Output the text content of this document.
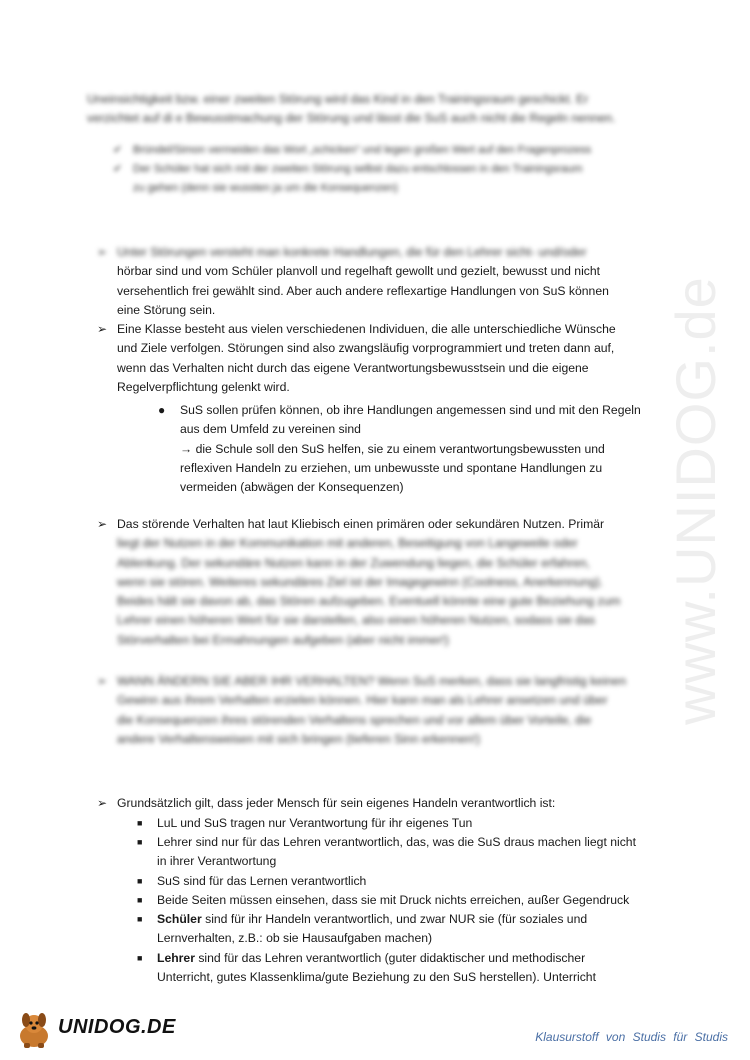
Uneinsichtigkeit bzw. einer zweiten Störung wird das Kind in den Trainingsraum geschickt. Er
verzichtet auf di e Bewusstmachung der Störung und lässt die SuS auch nicht die Regeln nennen.
✔ Bründel/Simon vermeiden das Wort „schicken“ und legen großen Wert auf den Fragenprozess
✔ Der Schüler hat sich mit der zweiten Störung selbst dazu entschlossen in den Trainingsraum
zu gehen (denn sie wussten ja um die Konsequenzen)
➢ Unter Störungen versteht man konkrete Handlungen, die für den Lehrer sicht- und/oder
hörbar sind und vom Schüler planvoll und regelhaft gewollt und gezielt, bewusst und nicht
versehentlich frei gewählt sind. Aber auch andere reflexartige Handlungen von SuS können
eine Störung sein.
➢ Eine Klasse besteht aus vielen verschiedenen Individuen, die alle unterschiedliche Wünsche
und Ziele verfolgen. Störungen sind also zwangsläufig vorprogrammiert und treten dann auf,
wenn das Verhalten nicht durch das eigene Verantwortungsbewusstsein und die eigene
Regelverpflichtung gelenkt wird.
● SuS sollen prüfen können, ob ihre Handlungen angemessen sind und mit den Regeln
aus dem Umfeld zu vereinen sind
→ die Schule soll den SuS helfen, sie zu einem verantwortungsbewussten und
reflexiven Handeln zu erziehen, um unbewusste und spontane Handlungen zu
vermeiden (abwägen der Konsequenzen)
➢ Das störende Verhalten hat laut Kliebisch einen primären oder sekundären Nutzen. Primär
liegt der Nutzen in der Kommunikation mit anderen, Beseitigung von Langeweile oder
Ablenkung. Der sekundäre Nutzen kann in der Zuwendung liegen, die Schüler erfahren,
wenn sie stören. Weiteres sekundäres Ziel ist der Imagegewinn (Coolness, Anerkennung).
Beides hält sie davon ab, das Stören aufzugeben. Eventuell könnte eine gute Beziehung zum
Lehrer einen höheren Wert für sie darstellen, also einen höheren Nutzen, sodass sie das
Störverhalten bei Ermahnungen aufgeben (aber nicht immer!)
➢ WANN ÄNDERN SIE ABER IHR VERHALTEN? Wenn SuS merken, dass sie langfristig keinen
Gewinn aus ihrem Verhalten erzielen können. Hier kann man als Lehrer ansetzen und über
die Konsequenzen ihres störenden Verhaltens sprechen und vor allem über Vorteile, die
andere Verhaltensweisen mit sich bringen (tieferen Sinn erkennen!)
➢ Grundsätzlich gilt, dass jeder Mensch für sein eigenes Handeln verantwortlich ist:
■ LuL und SuS tragen nur Verantwortung für ihr eigenes Tun
■ Lehrer sind nur für das Lehren verantwortlich, das, was die SuS draus machen liegt nicht
in ihrer Verantwortung
■ SuS sind für das Lernen verantwortlich
■ Beide Seiten müssen einsehen, dass sie mit Druck nichts erreichen, außer Gegendruck
■ Schüler sind für ihr Handeln verantwortlich, und zwar NUR sie (für soziales und
Lernverhalten, z.B.: ob sie Hausaufgaben machen)
■ Lehrer sind für das Lehren verantwortlich (guter didaktischer und methodischer
Unterricht, gutes Klassenklima/gute Beziehung zu den SuS herstellen). Unterricht
www.UNIDOG.de
UNIDOG.DE	Klausurstoff von Studis für Studis
